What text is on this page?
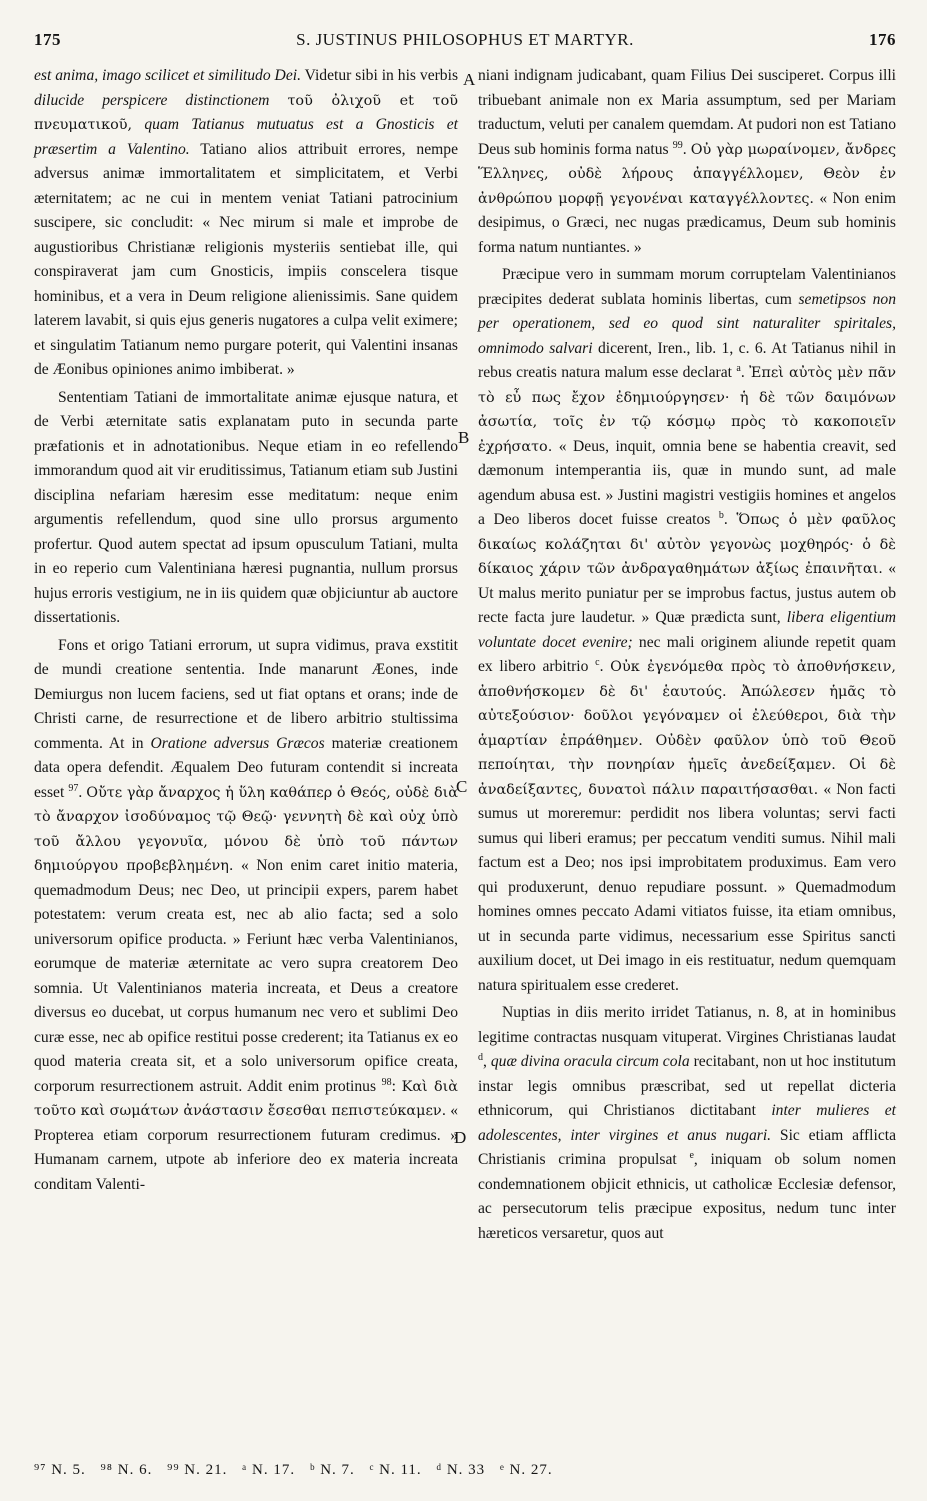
175	S. JUSTINUS PHILOSOPHUS ET MARTYR.	176

est anima, imago scilicet et similitudo Dei. Videtur sibi in his verbis dilucide perspicere distinctionem τοῦ ὀλιχοῦ et τοῦ πνευματικοῦ, quam Tatianus mutuatus est a Gnosticis et præsertim a Valentino. Tatiano alios attribuit errores, nempe adversus animæ immortalitatem et simplicitatem, et Verbi æternitatem; ac ne cui in mentem veniat Tatiani patrocinium suscipere, sic concludit: « Nec mirum si male et improbe de augustioribus Christianæ religionis mysteriis sentiebat ille, qui conspiraverat jam cum Gnosticis, impiis conscelera tisque hominibus, et a vera in Deum religione alienissimis. Sane quidem laterem lavabit, si quis ejus generis nugatores a culpa velit eximere; et singulatim Tatianum nemo purgare poterit, qui Valentini insanas de Æonibus opiniones animo imbiberat. »

Sententiam Tatiani de immortalitate animæ ejusque natura, et de Verbi æternitate satis explanatam puto in secunda parte præfationis et in adnotationibus. Neque etiam in eo refellendo immorandum quod ait vir eruditissimus, Tatianum etiam sub Justini disciplina nefariam hæresim esse meditatum: neque enim argumentis refellendum, quod sine ullo prorsus argumento profertur. Quod autem spectat ad ipsum opusculum Tatiani, multa in eo reperio cum Valentiniana hæresi pugnantia, nullum prorsus hujus erroris vestigium, ne in iis quidem quæ objiciuntur ab auctore dissertationis.

Fons et origo Tatiani errorum, ut supra vidimus, prava exstitit de mundi creatione sententia. Inde manarunt Æones, inde Demiurgus non lucem faciens, sed ut fiat optans et orans; inde de Christi carne, de resurrectione et de libero arbitrio stultissima commenta. At in Oratione adversus Græcos materiæ creationem data opera defendit. Æqualem Deo futuram contendit si increata esset $^{97}$. Οὔτε γὰρ ἄναρχος ἡ ὕλη καθάπερ ὁ Θεός, οὐδὲ διὰ τὸ ἄναρχον ἰσοδύναμος τῷ Θεῷ· γεννητὴ δὲ καὶ οὐχ ὑπὸ τοῦ ἄλλου γεγονυῖα, μόνου δὲ ὑπὸ τοῦ πάντων δημιούργου προβεβλημένη. « Non enim caret initio materia, quemadmodum Deus; nec Deo, ut principii expers, parem habet potestatem: verum creata est, nec ab alio facta; sed a solo universorum opifice producta. » Feriunt hæc verba Valentinianos, eorumque de materiæ æternitate ac vero supra creatorem Deo somnia. Ut Valentinianos materia increata, et Deus a creatore diversus eo ducebat, ut corpus humanum nec vero et sublimi Deo curæ esse, nec ab opifice restitui posse crederent; ita Tatianus ex eo quod materia creata sit, et a solo universorum opifice creata, corporum resurrectionem astruit. Addit enim protinus $^{98}$: Καὶ διὰ τοῦτο καὶ σωμάτων ἀνάστασιν ἔσεσθαι πεπιστεύκαμεν. « Propterea etiam corporum resurrectionem futuram credimus. » Humanam carnem, utpote ab inferiore deo ex materia increata conditam Valenti-

A
B
C
D

niani indignam judicabant, quam Filius Dei susciperet. Corpus illi tribuebant animale non ex Maria assumptum, sed per Mariam traductum, veluti per canalem quemdam. At pudori non est Tatiano Deus sub hominis forma natus $^{99}$. Οὐ γὰρ μωραίνομεν, ἄνδρες Ἕλληνες, οὐδὲ λήρους ἀπαγγέλλομεν, Θεὸν ἐν ἀνθρώπου μορφῇ γεγονέναι καταγγέλλοντες. « Non enim desipimus, o Græci, nec nugas prædicamus, Deum sub hominis forma natum nuntiantes. »

Præcipue vero in summam morum corruptelam Valentinianos præcipites dederat sublata hominis libertas, cum semetipsos non per operationem, sed eo quod sint naturaliter spiritales, omnimodo salvari dicerent, Iren., lib. 1, c. 6. At Tatianus nihil in rebus creatis natura malum esse declarat $^a$. Ἐπεὶ αὐτὸς μὲν πᾶν τὸ εὖ πως ἔχον ἐδημιούργησεν· ἡ δὲ τῶν δαιμόνων ἀσωτία, τοῖς ἐν τῷ κόσμῳ πρὸς τὸ κακοποιεῖν ἐχρήσατο. « Deus, inquit, omnia bene se habentia creavit, sed dæmonum intemperantia iis, quæ in mundo sunt, ad male agendum abusa est. » Justini magistri vestigiis homines et angelos a Deo liberos docet fuisse creatos $^b$. Ὅπως ὁ μὲν φαῦλος δικαίως κολάζηται δι' αὐτὸν γεγονὼς μοχθηρός· ὁ δὲ δίκαιος χάριν τῶν ἀνδραγαθημάτων ἀξίως ἐπαινῆται. « Ut malus merito puniatur per se improbus factus, justus autem ob recte facta jure laudetur. » Quæ prædicta sunt, libera eligentium voluntate docet evenire; nec mali originem aliunde repetit quam ex libero arbitrio $^c$. Οὐκ ἐγενόμεθα πρὸς τὸ ἀποθνήσκειν, ἀποθνήσκομεν δὲ δι' ἑαυτούς. Ἀπώλεσεν ἡμᾶς τὸ αὐτεξούσιον· δοῦλοι γεγόναμεν οἱ ἐλεύθεροι, διὰ τὴν ἁμαρτίαν ἐπράθημεν. Οὐδὲν φαῦλον ὑπὸ τοῦ Θεοῦ πεποίηται, τὴν πονηρίαν ἡμεῖς ἀνεδείξαμεν. Οἱ δὲ ἀναδείξαντες, δυνατοὶ πάλιν παραιτήσασθαι. « Non facti sumus ut moreremur: perdidit nos libera voluntas; servi facti sumus qui liberi eramus; per peccatum venditi sumus. Nihil mali factum est a Deo; nos ipsi improbitatem produximus. Eam vero qui produxerunt, denuo repudiare possunt. » Quemadmodum homines omnes peccato Adami vitiatos fuisse, ita etiam omnibus, ut in secunda parte vidimus, necessarium esse Spiritus sancti auxilium docet, ut Dei imago in eis restituatur, nedum quemquam natura spiritualem esse crederet.

Nuptias in diis merito irridet Tatianus, n. 8, at in hominibus legitime contractas nusquam vituperat. Virgines Christianas laudat $^d$, quæ divina oracula circum cola recitabant, non ut hoc institutum instar legis omnibus præscribat, sed ut repellat dicteria ethnicorum, qui Christianos dictitabant inter mulieres et adolescentes, inter virgines et anus nugari. Sic etiam afflicta Christianis crimina propulsat $^e$, iniquam ob solum nomen condemnationem objicit ethnicis, ut catholicæ Ecclesiæ defensor, ac persecutorum telis præcipue expositus, nedum tunc inter hæreticos versaretur, quos aut

⁹⁷ N. 5. ⁹⁸ N. 6. ⁹⁹ N. 21. ᵃ N. 17. ᵇ N. 7. ᶜ N. 11. ᵈ N. 33 ᵉ N. 27.
